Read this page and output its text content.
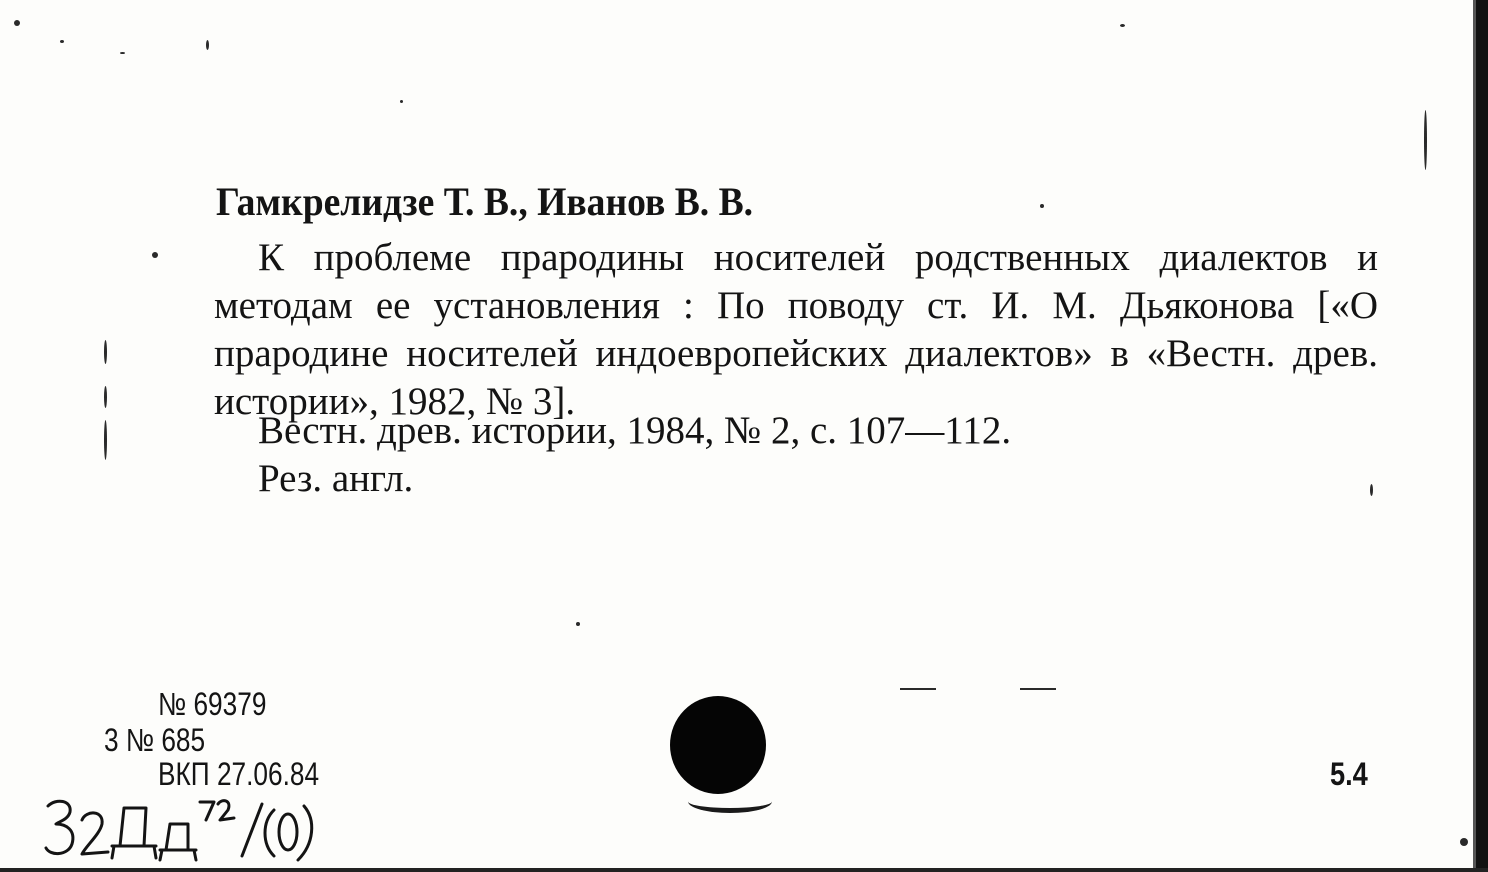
Гамкрелидзе Т. В., Иванов В. В.
К проблеме прародины носителей родственных диалектов и методам ее установления : По поводу ст. И. М. Дьяконова [«О прародине носителей индоевропейских диалектов» в «Вестн. древ. истории», 1982, № 3].
Вестн. древ. истории, 1984, № 2, с. 107—112.
Рез. англ.
№ 69379
3 № 685
ВКП 27.06.84	5.4
